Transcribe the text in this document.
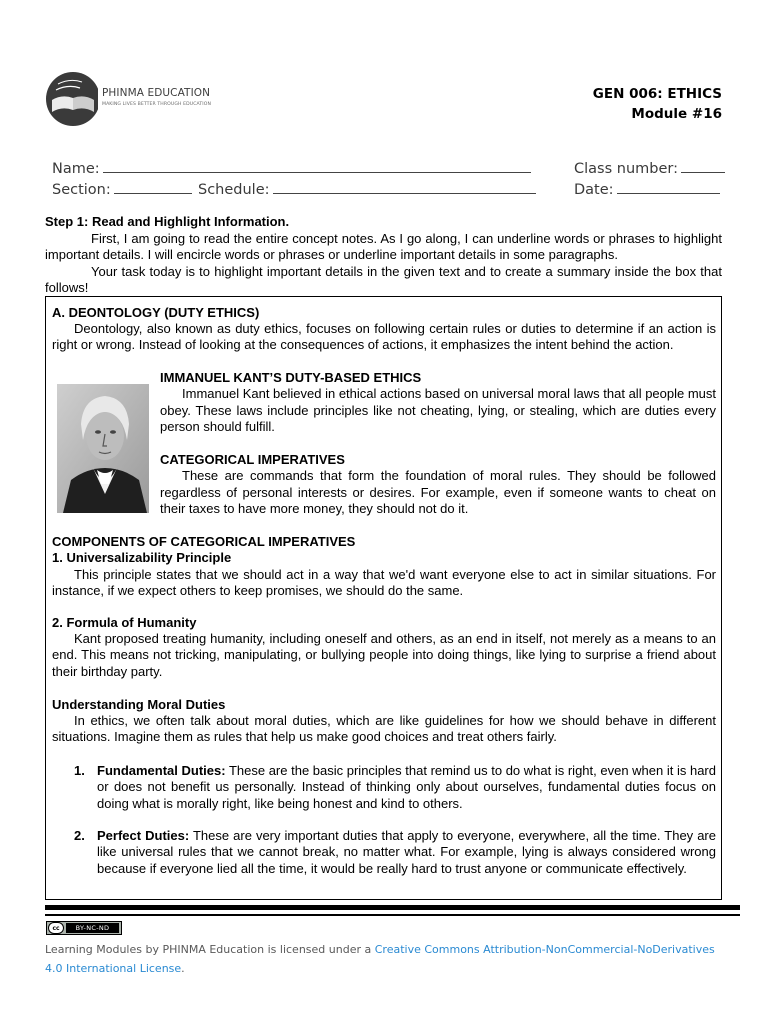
PHINMA EDUCATION
MAKING LIVES BETTER THROUGH EDUCATION
GEN 006: ETHICS
Module #16
Name:	Class number:
Section:	Schedule:	Date:
Step 1: Read and Highlight Information.
First, I am going to read the entire concept notes. As I go along, I can underline words or phrases to highlight important details. I will encircle words or phrases or underline important details in some paragraphs.
Your task today is to highlight important details in the given text and to create a summary inside the box that follows!
A. DEONTOLOGY (DUTY ETHICS)
Deontology, also known as duty ethics, focuses on following certain rules or duties to determine if an action is right or wrong. Instead of looking at the consequences of actions, it emphasizes the intent behind the action.
IMMANUEL KANT’S DUTY-BASED ETHICS
Immanuel Kant believed in ethical actions based on universal moral laws that all people must obey. These laws include principles like not cheating, lying, or stealing, which are duties every person should fulfill.
CATEGORICAL IMPERATIVES
These are commands that form the foundation of moral rules. They should be followed regardless of personal interests or desires. For example, even if someone wants to cheat on their taxes to have more money, they should not do it.
COMPONENTS OF CATEGORICAL IMPERATIVES
1. Universalizability Principle
This principle states that we should act in a way that we'd want everyone else to act in similar situations. For instance, if we expect others to keep promises, we should do the same.
2. Formula of Humanity
Kant proposed treating humanity, including oneself and others, as an end in itself, not merely as a means to an end. This means not tricking, manipulating, or bullying people into doing things, like lying to surprise a friend about their birthday party.
Understanding Moral Duties
In ethics, we often talk about moral duties, which are like guidelines for how we should behave in different situations. Imagine them as rules that help us make good choices and treat others fairly.
1. Fundamental Duties: These are the basic principles that remind us to do what is right, even when it is hard or does not benefit us personally. Instead of thinking only about ourselves, fundamental duties focus on doing what is morally right, like being honest and kind to others.
2. Perfect Duties: These are very important duties that apply to everyone, everywhere, all the time. They are like universal rules that we cannot break, no matter what. For example, lying is always considered wrong because if everyone lied all the time, it would be really hard to trust anyone or communicate effectively.
cc	BY-NC-ND
Learning Modules by PHINMA Education is licensed under a Creative Commons Attribution-NonCommercial-NoDerivatives 4.0 International License.
